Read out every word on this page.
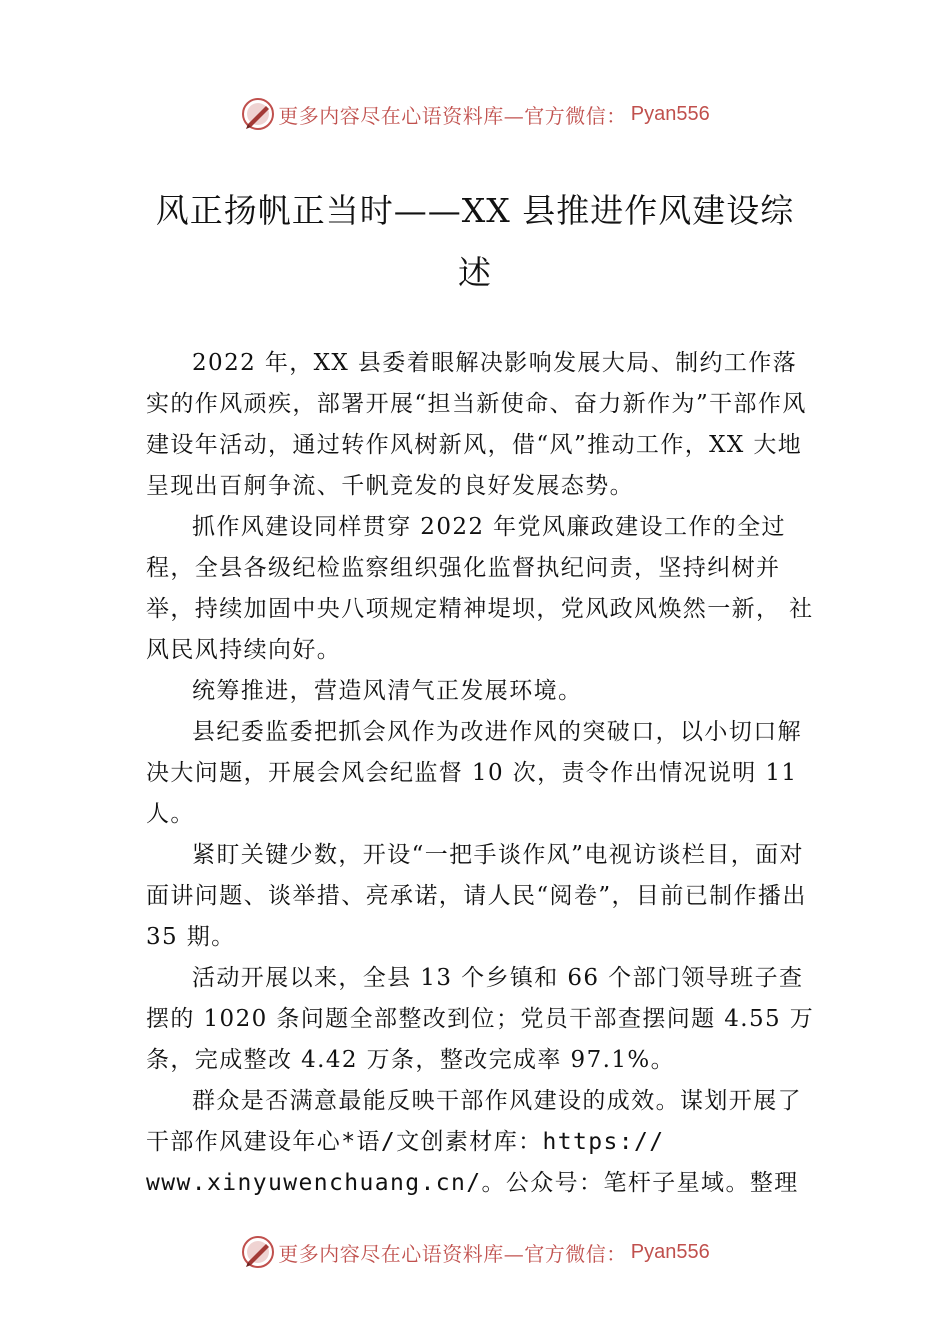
更多内容尽在心语资料库—官方微信： Pyan556
风正扬帆正当时——XX 县推进作风建设综
述

2022 年，XX 县委着眼解决影响发展大局、制约工作落实的作风顽疾，部署开展“担当新使命、奋力新作为”干部作风建设年活动，通过转作风树新风，借“风”推动工作，XX 大地呈现出百舸争流、千帆竞发的良好发展态势。

抓作风建设同样贯穿 2022 年党风廉政建设工作的全过程，全县各级纪检监察组织强化监督执纪问责，坚持纠树并举，持续加固中央八项规定精神堤坝，党风政风焕然一新， 社风民风持续向好。

统筹推进，营造风清气正发展环境。

县纪委监委把抓会风作为改进作风的突破口，以小切口解决大问题，开展会风会纪监督 10 次，责令作出情况说明 11 人。

紧盯关键少数，开设“一把手谈作风”电视访谈栏目，面对面讲问题、谈举措、亮承诺，请人民“阅卷”，目前已制作播出 35 期。

活动开展以来，全县 13 个乡镇和 66 个部门领导班子查摆的 1020 条问题全部整改到位；党员干部查摆问题 4.55 万条，完成整改 4.42 万条，整改完成率 97.1%。

群众是否满意最能反映干部作风建设的成效。谋划开展了干部作风建设年心*语/文创素材库：https://
www.xinyuwenchuang.cn/。公众号：笔杆子星域。整理

更多内容尽在心语资料库—官方微信： Pyan556
